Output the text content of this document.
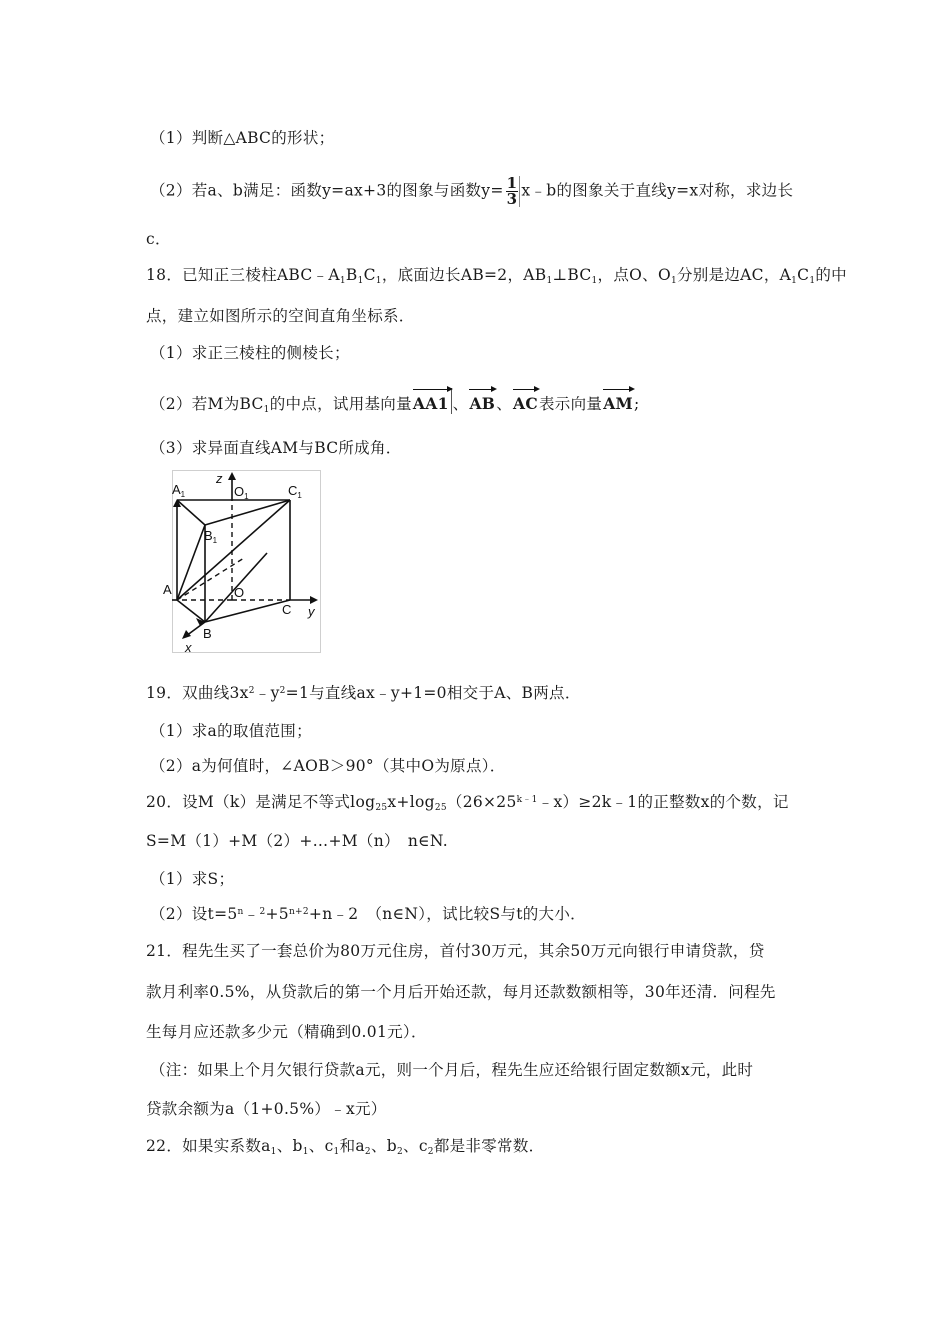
（1）判断△ABC的形状；
（2）若a、b满足：函数y=ax+3的图象与函数$y= \frac{1}{3}$ x﹣b的图象关于直线y=x对称，求边长
c．
18．已知正三棱柱$ABC﹣A_1B_1C_1$，底面边长AB=2，$AB_1\perp BC_1$，点O、$O_1$分别是边AC，$A_1C_1$的中
点，建立如图所示的空间直角坐标系．
（1）求正三棱柱的侧棱长；
（2）若M为$BC_1$的中点，试用基向量AA1 、AB、AC表示向量AM;
（3）求异面直线AM与BC所成角．
$A_1$
z
$O_1$	$C_1$
$B_1$
A	O
C y
B
x
19．双曲线$3x^2﹣y^2=1$与直线ax﹣y+1=0相交于A、B两点．
（1）求a的取值范围；
（2）a为何值时，∠AOB＞90°（其中O为原点）．
20．设M（k）是满足不等式$\log_{25}x+\log_{25}(26\times 25^{k﹣1}﹣x)\ge 2k﹣1$的正整数x的个数，记
S=M（1）+M（2）+…+M（n）　n∈N.
（1）求S；
（2）设$t=5^n﹣^2+5^{n+2}+n﹣2$　（n∈N），试比较S与t的大小．
21．程先生买了一套总价为80万元住房，首付30万元，其余50万元向银行申请贷款，贷
款月利率0.5%，从贷款后的第一个月后开始还款，每月还款数额相等，30年还清．问程先
生每月应还款多少元（精确到0.01元）．
（注：如果上个月欠银行贷款a元，则一个月后，程先生应还给银行固定数额x元，此时
贷款余额为a（1+0.5%）﹣x元）
22．如果实系数$a_1$、$b_1$、$c_1$和$a_2$、$b_2$、$c_2$都是非零常数．
